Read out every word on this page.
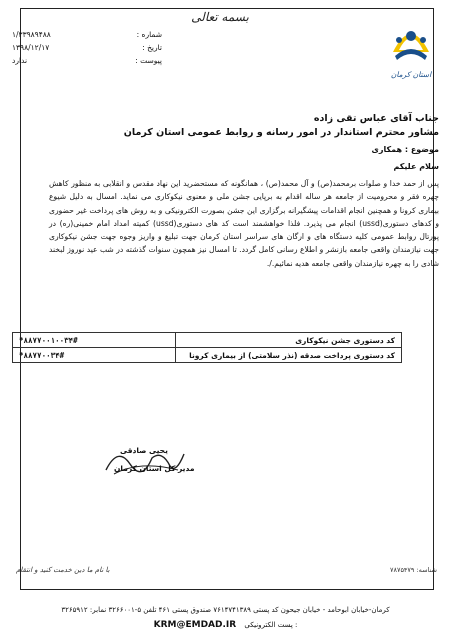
بسمه تعالی
استان کرمان
شماره :
۱/۳۳۹۸۹۴۸۸
تاریخ :
۱۳۹۸/۱۲/۱۷
پیوست :
ندارد
جناب آقای عباس تقی زاده
مشاور محترم استاندار در امور رسانه و روابط عمومی استان کرمان
موضوع : همکاری
سلام علیکم
پس از حمد خدا و صلوات برمحمد(ص) و آل محمد(ص) ، همانگونه که مستحضرید این نهاد مقدس و انقلابی به منظور کاهش چهره فقر و محرومیت از جامعه هر ساله اقدام به برپایی جشن ملی و معنوی نیکوکاری می نماید. امسال به دلیل شیوع بیماری کرونا و همچنین انجام اقدامات پیشگیرانه برگزاری این جشن بصورت الکترونیکی و به روش های پرداخت غیر حضوری و کدهای دستوری(ussd) انجام می پذیرد. فلذا خواهشمند است کد های دستوری(ussd) کمیته امداد امام خمینی(ره) در پورتال روابط عمومی کلیه دستگاه های و ارگان های سراسر استان کرمان جهت تبلیغ و واریز وجوه جهت جشن نیکوکاری جهت نیازمندان واقعی جامعه بازنشر و اطلاع رسانی کامل گردد. تا امسال نیز همچون سنوات گذشته در شب عید نوروز لبخند شادی را به چهره نیازمندان واقعی جامعه هدیه نمائیم./.
کد دستوری جشن نیکوکاری	*۸۸۷۷۰۰۱۰۰۳۴#
کد دستوری پرداخت صدقه (نذر سلامتی) از بیماری کرونا	*۸۸۷۷۰۰۳۴#
یحیی صادقی
مدیر کل استان کرمان
با نام ما دین خدمت کنید و انتقام	شناسه: ۷۸۷۵۴۷۹
کرمان-خیابان ابوحامد - خیابان جیحون کد پستی ۷۶۱۴۷۴۱۳۸۹ صندوق پستی ۴۶۱ تلفن ۵-۳۲۶۶۰۰۱ نمابر: ۳۲۶۵۹۱۲
KRM@EMDAD.IR پست الکترونیکی :
